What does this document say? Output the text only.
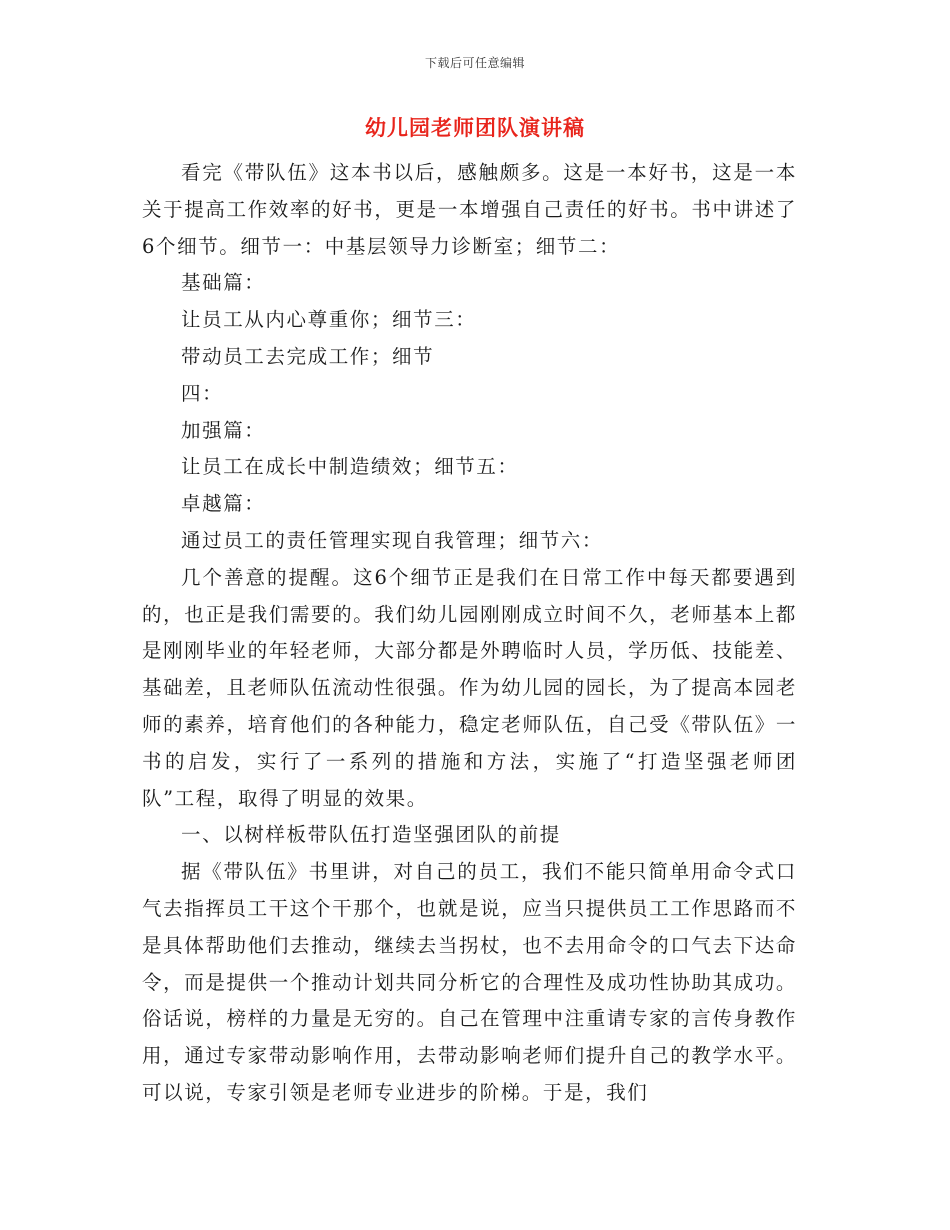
下载后可任意编辑
幼儿园老师团队演讲稿

看完《带队伍》这本书以后，感触颇多。这是一本好书，这是一本关于提高工作效率的好书，更是一本增强自己责任的好书。书中讲述了6个细节。细节一：中基层领导力诊断室；细节二：

基础篇：

让员工从内心尊重你；细节三：

带动员工去完成工作；细节

四：

加强篇：

让员工在成长中制造绩效；细节五：

卓越篇：

通过员工的责任管理实现自我管理；细节六：

几个善意的提醒。这6个细节正是我们在日常工作中每天都要遇到的，也正是我们需要的。我们幼儿园刚刚成立时间不久，老师基本上都是刚刚毕业的年轻老师，大部分都是外聘临时人员，学历低、技能差、基础差，且老师队伍流动性很强。作为幼儿园的园长，为了提高本园老师的素养，培育他们的各种能力，稳定老师队伍，自己受《带队伍》一书的启发，实行了一系列的措施和方法，实施了“打造坚强老师团队”工程，取得了明显的效果。

一、以树样板带队伍打造坚强团队的前提

据《带队伍》书里讲，对自己的员工，我们不能只简单用命令式口气去指挥员工干这个干那个，也就是说，应当只提供员工工作思路而不是具体帮助他们去推动，继续去当拐杖，也不去用命令的口气去下达命令，而是提供一个推动计划共同分析它的合理性及成功性协助其成功。俗话说，榜样的力量是无穷的。自己在管理中注重请专家的言传身教作用，通过专家带动影响作用，去带动影响老师们提升自己的教学水平。可以说，专家引领是老师专业进步的阶梯。于是，我们
